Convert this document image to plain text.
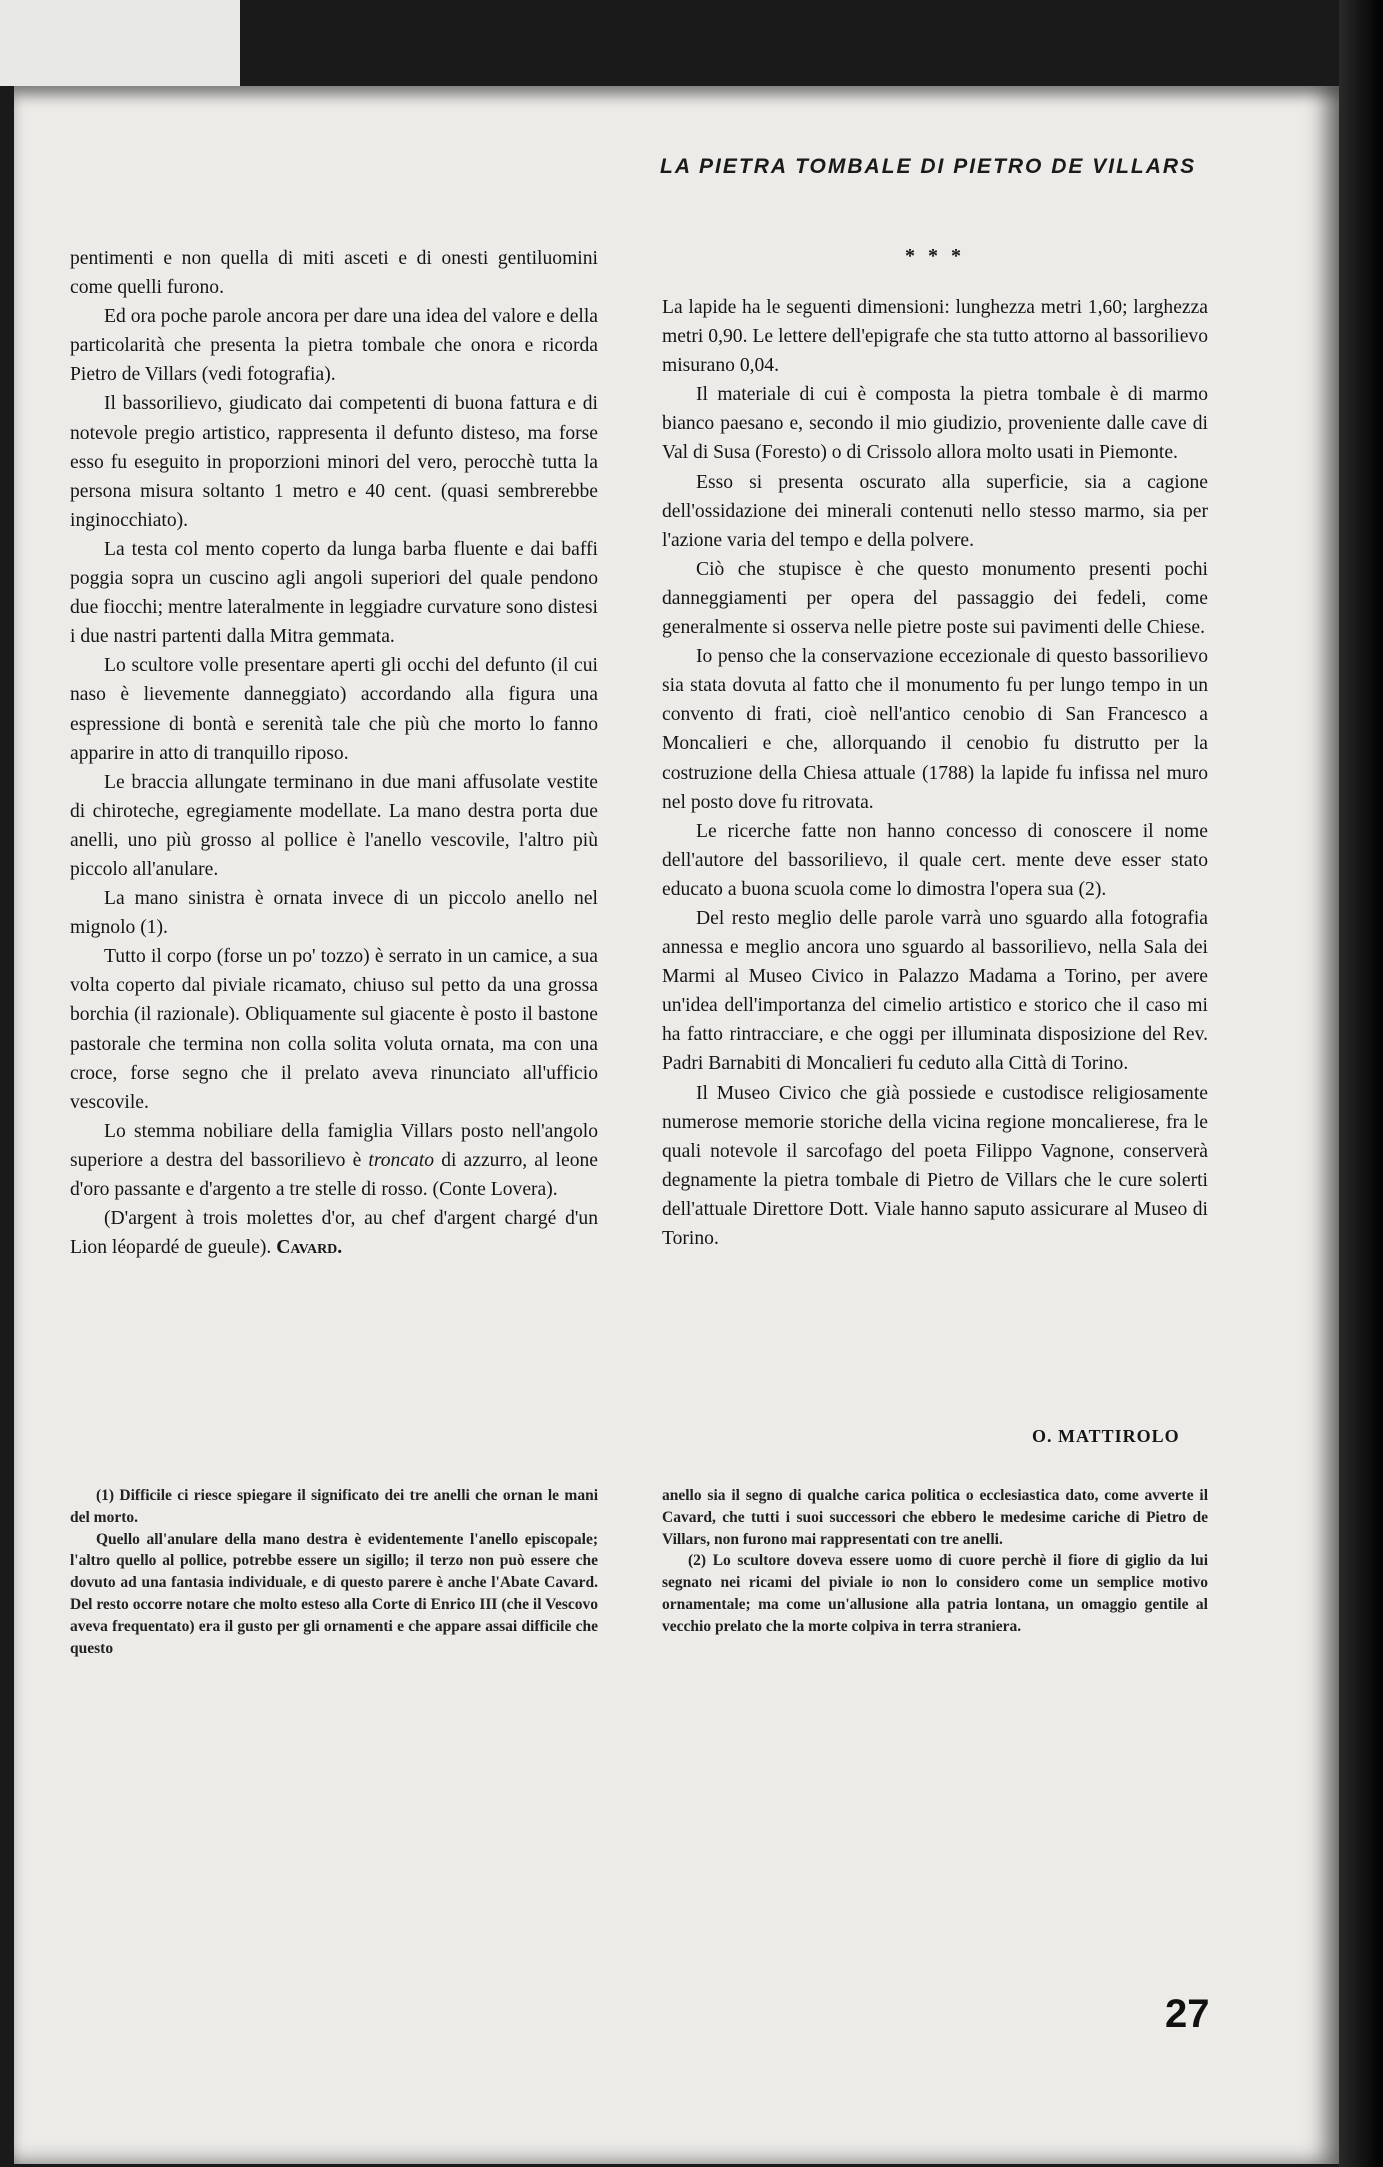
LA PIETRA TOMBALE DI PIETRO DE VILLARS

pentimenti e non quella di miti asceti e di onesti gentiluomini come quelli furono.

Ed ora poche parole ancora per dare una idea del valore e della particolarità che presenta la pietra tombale che onora e ricorda Pietro de Villars (vedi fotografia).

Il bassorilievo, giudicato dai competenti di buona fattura e di notevole pregio artistico, rappresenta il defunto disteso, ma forse esso fu eseguito in proporzioni minori del vero, perocchè tutta la persona misura soltanto 1 metro e 40 cent. (quasi sembrerebbe inginocchiato).

La testa col mento coperto da lunga barba fluente e dai baffi poggia sopra un cuscino agli angoli superiori del quale pendono due fiocchi; mentre lateralmente in leggiadre curvature sono distesi i due nastri partenti dalla Mitra gemmata.

Lo scultore volle presentare aperti gli occhi del defunto (il cui naso è lievemente danneggiato) accordando alla figura una espressione di bontà e serenità tale che più che morto lo fanno apparire in atto di tranquillo riposo.

Le braccia allungate terminano in due mani affusolate vestite di chiroteche, egregiamente modellate. La mano destra porta due anelli, uno più grosso al pollice è l'anello vescovile, l'altro più piccolo all'anulare.

La mano sinistra è ornata invece di un piccolo anello nel mignolo (1).

Tutto il corpo (forse un po' tozzo) è serrato in un camice, a sua volta coperto dal piviale ricamato, chiuso sul petto da una grossa borchia (il razionale). Obliquamente sul giacente è posto il bastone pastorale che termina non colla solita voluta ornata, ma con una croce, forse segno che il prelato aveva rinunciato all'ufficio vescovile.

Lo stemma nobiliare della famiglia Villars posto nell'angolo superiore a destra del bassorilievo è troncato di azzurro, al leone d'oro passante e d'argento a tre stelle di rosso. (Conte Lovera).

(D'argent à trois molettes d'or, au chef d'argent chargé d'un Lion léopardé de gueule). Cavard.

* * *

La lapide ha le seguenti dimensioni: lunghezza metri 1,60; larghezza metri 0,90. Le lettere dell'epigrafe che sta tutto attorno al bassorilievo misurano 0,04.

Il materiale di cui è composta la pietra tombale è di marmo bianco paesano e, secondo il mio giudizio, proveniente dalle cave di Val di Susa (Foresto) o di Crissolo allora molto usati in Piemonte.

Esso si presenta oscurato alla superficie, sia a cagione dell'ossidazione dei minerali contenuti nello stesso marmo, sia per l'azione varia del tempo e della polvere.

Ciò che stupisce è che questo monumento presenti pochi danneggiamenti per opera del passaggio dei fedeli, come generalmente si osserva nelle pietre poste sui pavimenti delle Chiese.

Io penso che la conservazione eccezionale di questo bassorilievo sia stata dovuta al fatto che il monumento fu per lungo tempo in un convento di frati, cioè nell'antico cenobio di San Francesco a Moncalieri e che, allorquando il cenobio fu distrutto per la costruzione della Chiesa attuale (1788) la lapide fu infissa nel muro nel posto dove fu ritrovata.

Le ricerche fatte non hanno concesso di conoscere il nome dell'autore del bassorilievo, il quale cert. mente deve esser stato educato a buona scuola come lo dimostra l'opera sua (2).

Del resto meglio delle parole varrà uno sguardo alla fotografia annessa e meglio ancora uno sguardo al bassorilievo, nella Sala dei Marmi al Museo Civico in Palazzo Madama a Torino, per avere un'idea dell'importanza del cimelio artistico e storico che il caso mi ha fatto rintracciare, e che oggi per illuminata disposizione del Rev. Padri Barnabiti di Moncalieri fu ceduto alla Città di Torino.

Il Museo Civico che già possiede e custodisce religiosamente numerose memorie storiche della vicina regione moncalierese, fra le quali notevole il sarcofago del poeta Filippo Vagnone, conserverà degnamente la pietra tombale di Pietro de Villars che le cure solerti dell'attuale Direttore Dott. Viale hanno saputo assicurare al Museo di Torino.

O. MATTIROLO

(1) Difficile ci riesce spiegare il significato dei tre anelli che ornan le mani del morto.

Quello all'anulare della mano destra è evidentemente l'anello episcopale; l'altro quello al pollice, potrebbe essere un sigillo; il terzo non può essere che dovuto ad una fantasia individuale, e di questo parere è anche l'Abate Cavard. Del resto occorre notare che molto esteso alla Corte di Enrico III (che il Vescovo aveva frequentato) era il gusto per gli ornamenti e che appare assai difficile che questo

anello sia il segno di qualche carica politica o ecclesiastica dato, come avverte il Cavard, che tutti i suoi successori che ebbero le medesime cariche di Pietro de Villars, non furono mai rappresentati con tre anelli.

(2) Lo scultore doveva essere uomo di cuore perchè il fiore di giglio da lui segnato nei ricami del piviale io non lo considero come un semplice motivo ornamentale; ma come un'allusione alla patria lontana, un omaggio gentile al vecchio prelato che la morte colpiva in terra straniera.

27
